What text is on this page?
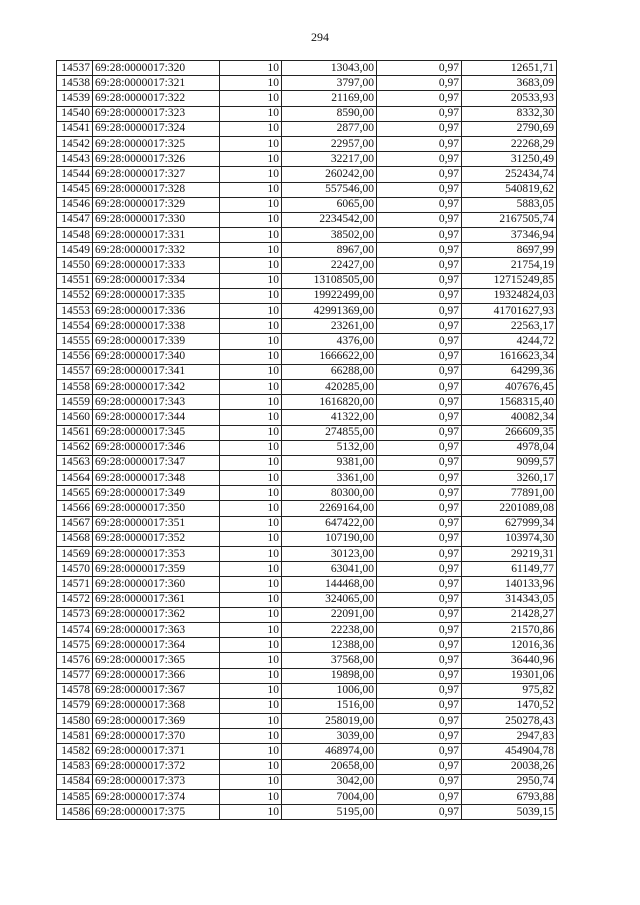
294
14537	69:28:0000017:320	10	13043,00	0,97	12651,71
14538	69:28:0000017:321	10	3797,00	0,97	3683,09
14539	69:28:0000017:322	10	21169,00	0,97	20533,93
14540	69:28:0000017:323	10	8590,00	0,97	8332,30
14541	69:28:0000017:324	10	2877,00	0,97	2790,69
14542	69:28:0000017:325	10	22957,00	0,97	22268,29
14543	69:28:0000017:326	10	32217,00	0,97	31250,49
14544	69:28:0000017:327	10	260242,00	0,97	252434,74
14545	69:28:0000017:328	10	557546,00	0,97	540819,62
14546	69:28:0000017:329	10	6065,00	0,97	5883,05
14547	69:28:0000017:330	10	2234542,00	0,97	2167505,74
14548	69:28:0000017:331	10	38502,00	0,97	37346,94
14549	69:28:0000017:332	10	8967,00	0,97	8697,99
14550	69:28:0000017:333	10	22427,00	0,97	21754,19
14551	69:28:0000017:334	10	13108505,00	0,97	12715249,85
14552	69:28:0000017:335	10	19922499,00	0,97	19324824,03
14553	69:28:0000017:336	10	42991369,00	0,97	41701627,93
14554	69:28:0000017:338	10	23261,00	0,97	22563,17
14555	69:28:0000017:339	10	4376,00	0,97	4244,72
14556	69:28:0000017:340	10	1666622,00	0,97	1616623,34
14557	69:28:0000017:341	10	66288,00	0,97	64299,36
14558	69:28:0000017:342	10	420285,00	0,97	407676,45
14559	69:28:0000017:343	10	1616820,00	0,97	1568315,40
14560	69:28:0000017:344	10	41322,00	0,97	40082,34
14561	69:28:0000017:345	10	274855,00	0,97	266609,35
14562	69:28:0000017:346	10	5132,00	0,97	4978,04
14563	69:28:0000017:347	10	9381,00	0,97	9099,57
14564	69:28:0000017:348	10	3361,00	0,97	3260,17
14565	69:28:0000017:349	10	80300,00	0,97	77891,00
14566	69:28:0000017:350	10	2269164,00	0,97	2201089,08
14567	69:28:0000017:351	10	647422,00	0,97	627999,34
14568	69:28:0000017:352	10	107190,00	0,97	103974,30
14569	69:28:0000017:353	10	30123,00	0,97	29219,31
14570	69:28:0000017:359	10	63041,00	0,97	61149,77
14571	69:28:0000017:360	10	144468,00	0,97	140133,96
14572	69:28:0000017:361	10	324065,00	0,97	314343,05
14573	69:28:0000017:362	10	22091,00	0,97	21428,27
14574	69:28:0000017:363	10	22238,00	0,97	21570,86
14575	69:28:0000017:364	10	12388,00	0,97	12016,36
14576	69:28:0000017:365	10	37568,00	0,97	36440,96
14577	69:28:0000017:366	10	19898,00	0,97	19301,06
14578	69:28:0000017:367	10	1006,00	0,97	975,82
14579	69:28:0000017:368	10	1516,00	0,97	1470,52
14580	69:28:0000017:369	10	258019,00	0,97	250278,43
14581	69:28:0000017:370	10	3039,00	0,97	2947,83
14582	69:28:0000017:371	10	468974,00	0,97	454904,78
14583	69:28:0000017:372	10	20658,00	0,97	20038,26
14584	69:28:0000017:373	10	3042,00	0,97	2950,74
14585	69:28:0000017:374	10	7004,00	0,97	6793,88
14586	69:28:0000017:375	10	5195,00	0,97	5039,15
